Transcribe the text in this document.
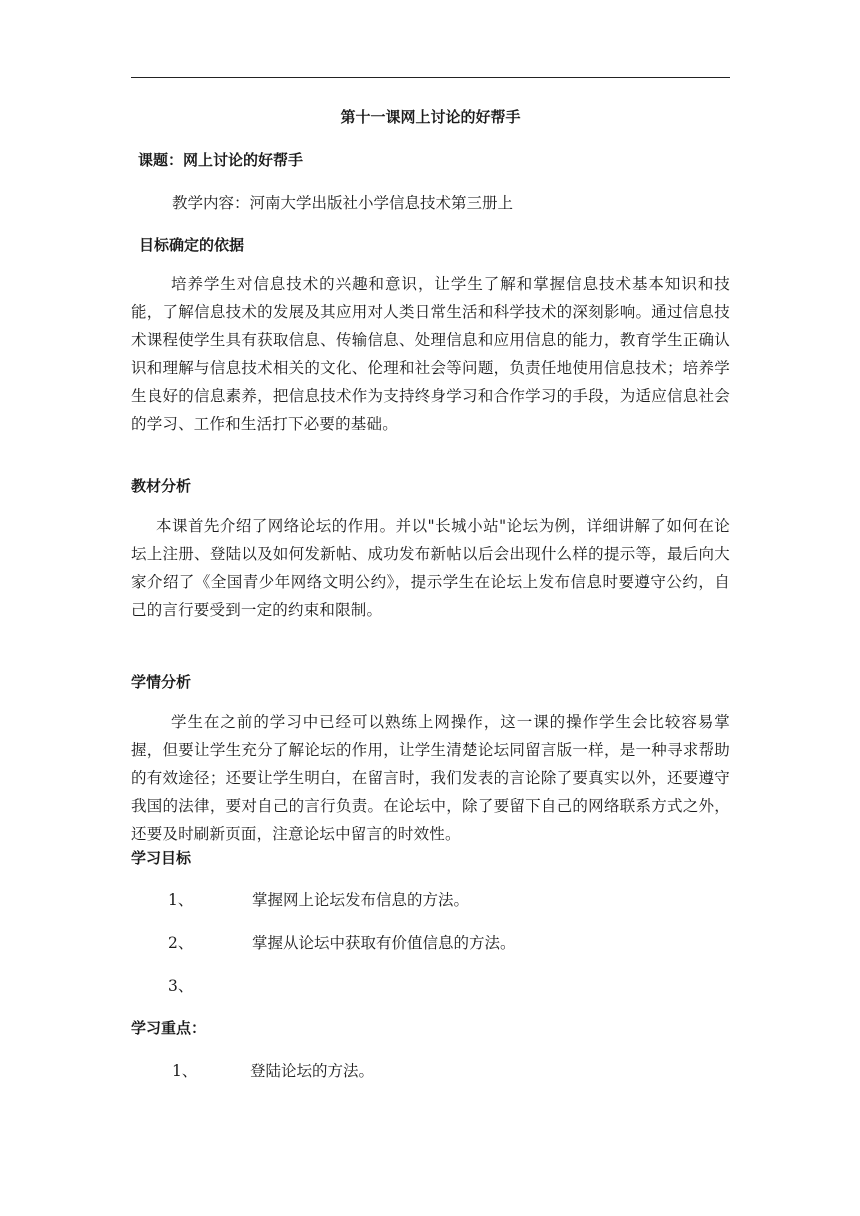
第十一课网上讨论的好帮手
课题：网上讨论的好帮手
教学内容：河南大学出版社小学信息技术第三册上
目标确定的依据
培养学生对信息技术的兴趣和意识，让学生了解和掌握信息技术基本知识和技能，了解信息技术的发展及其应用对人类日常生活和科学技术的深刻影响。通过信息技术课程使学生具有获取信息、传输信息、处理信息和应用信息的能力，教育学生正确认识和理解与信息技术相关的文化、伦理和社会等问题，负责任地使用信息技术；培养学生良好的信息素养，把信息技术作为支持终身学习和合作学习的手段，为适应信息社会的学习、工作和生活打下必要的基础。
教材分析
本课首先介绍了网络论坛的作用。并以"长城小站"论坛为例，详细讲解了如何在论坛上注册、登陆以及如何发新帖、成功发布新帖以后会出现什么样的提示等，最后向大家介绍了《全国青少年网络文明公约》，提示学生在论坛上发布信息时要遵守公约，自己的言行要受到一定的约束和限制。
学情分析
学生在之前的学习中已经可以熟练上网操作，这一课的操作学生会比较容易掌握，但要让学生充分了解论坛的作用，让学生清楚论坛同留言版一样，是一种寻求帮助的有效途径；还要让学生明白，在留言时，我们发表的言论除了要真实以外，还要遵守我国的法律，要对自己的言行负责。在论坛中，除了要留下自己的网络联系方式之外，还要及时刷新页面，注意论坛中留言的时效性。
学习目标
1、	掌握网上论坛发布信息的方法。
2、	掌握从论坛中获取有价值信息的方法。
3、
学习重点：
1、	登陆论坛的方法。
